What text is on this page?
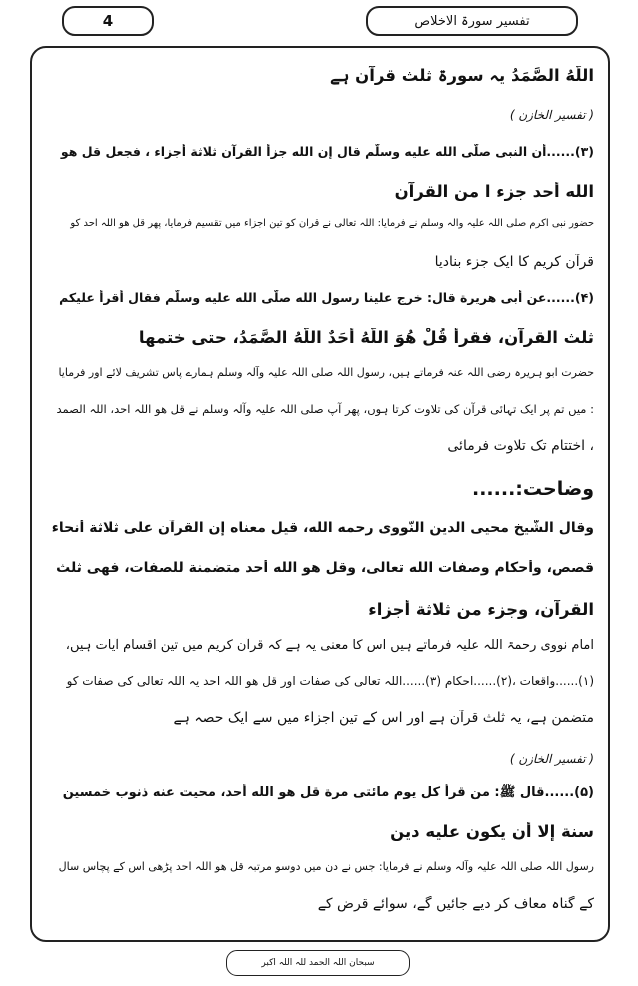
4	تفسیر سورۃ الاخلاص
اللَّهُ الصَّمَدُ یہ سورۃ ثلث قرآن ہے
( تفسیر الخازن )
(۳)......أن النبی صلّی الله علیه وسلّم قال إن الله جزأ القرآن ثلاثة أجزاء ، فجعل قل هو
الله أحد جزء ا من القرآن
حضور نبی اکرم صلی اللہ علیہ وآلہ وسلم نے فرمایا: اللہ تعالی نے قرآن کو تین اجزاء میں تقسیم فرمایا، پھر قل ھو اللہ احد کو
قرآن کریم کا ایک جزء بنادیا
(۴)......عن أبی هریرة قال: خرج علینا رسول الله صلّی الله علیه وسلّم فقال أقرأ علیکم
ثلث القرآن، فقرأ قُلْ هُوَ اللَّهُ أَحَدٌ اللَّهُ الصَّمَدُ، حتی ختمها
حضرت ابو ہریرہ رضی اللہ عنہ فرماتے ہیں، رسول اللہ صلی اللہ علیہ وآلہ وسلم ہمارے پاس تشریف لائے اور فرمایا
: میں تم پر ایک تہائی قرآن کی تلاوت کرتا ہوں، پھر آپ صلی اللہ علیہ وآلہ وسلم نے قل ھو اللہ احد، اللہ الصمد
، اختتام تک تلاوت فرمائی
وضاحت:......
وقال الشّیخ محیی الدین النّووی رحمه الله، قیل معناه إن القرآن علی ثلاثة أنحاء
قصص، وأحکام وصفات الله تعالی، وقل هو الله أحد متضمنة للصفات، فهی ثلث
القرآن، وجزء من ثلاثة أجزاء
امام نووی رحمۃ اللہ علیہ فرماتے ہیں اس کا معنی یہ ہے کہ قرآن کریم میں تین اقسام آیات ہیں،
(۱)......واقعات ،(۲)......احکام (۳)......اللہ تعالی کی صفات اور قل ھو اللہ احد یہ اللہ تعالی کی صفات کو
متضمن ہے، یہ ثلث قرآن ہے اور اس کے تین اجزاء میں سے ایک حصہ ہے
( تفسیر الخازن )
(۵)......قال ﷺ: من قرأ کل یوم مائتی مرة قل هو الله أحد، محیت عنه ذنوب خمسین
سنة إلا أن یکون علیه دین
رسول اللہ صلی اللہ علیہ وآلہ وسلم نے فرمایا: جس نے دن میں دوسو مرتبہ قل ھو اللہ احد پڑھی اس کے پچاس سال
کے گناہ معاف کر دیے جائیں گے، سوائے قرض کے
سبحان اللہ الحمد للہ اللہ اکبر
